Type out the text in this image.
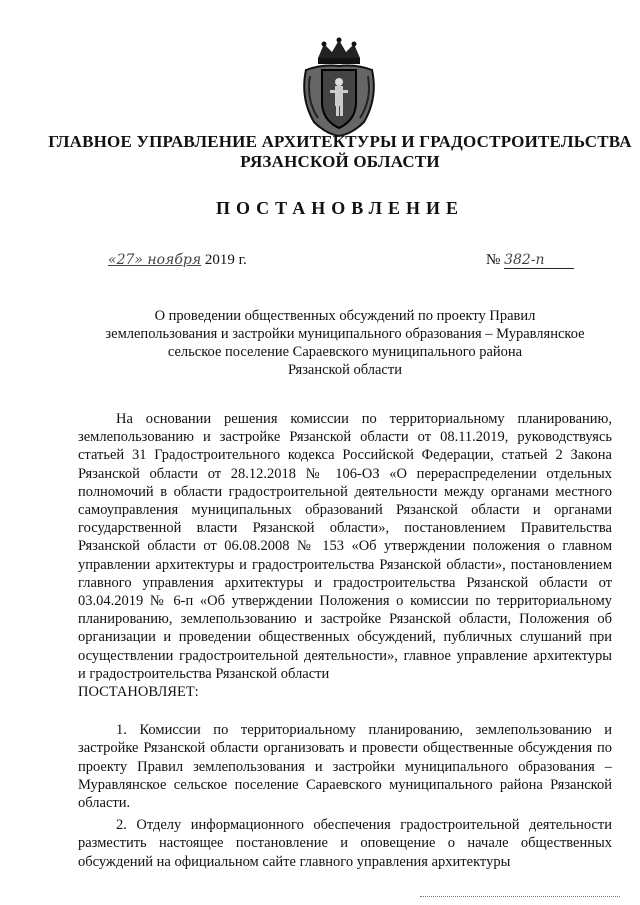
ГЛАВНОЕ УПРАВЛЕНИЕ АРХИТЕКТУРЫ И ГРАДОСТРОИТЕЛЬСТВА
РЯЗАНСКОЙ ОБЛАСТИ
ПОСТАНОВЛЕНИЕ
«27» ноября 2019 г.	№ 382-п
О проведении общественных обсуждений по проекту Правил
землепользования и застройки муниципального образования – Муравлянское
сельское поселение Сараевского муниципального района
Рязанской области

На основании решения комиссии по территориальному планированию, землепользованию и застройке Рязанской области от 08.11.2019, руководствуясь статьей 31 Градостроительного кодекса Российской Федерации, статьей 2 Закона Рязанской области от 28.12.2018 № 106-ОЗ «О перераспределении отдельных полномочий в области градостроительной деятельности между органами местного самоуправления муниципальных образований Рязанской области и органами государственной власти Рязанской области», постановлением Правительства Рязанской области от 06.08.2008 № 153 «Об утверждении положения о главном управлении архитектуры и градостроительства Рязанской области», постановлением главного управления архитектуры и градостроительства Рязанской области от 03.04.2019 № 6-п «Об утверждении Положения о комиссии по территориальному планированию, землепользованию и застройке Рязанской области, Положения об организации и проведении общественных обсуждений, публичных слушаний при осуществлении градостроительной деятельности», главное управление архитектуры и градостроительства Рязанской области
ПОСТАНОВЛЯЕТ:

1. Комиссии по территориальному планированию, землепользованию и застройке Рязанской области организовать и провести общественные обсуждения по проекту Правил землепользования и застройки муниципального образования – Муравлянское сельское поселение Сараевского муниципального района Рязанской области.

2. Отделу информационного обеспечения градостроительной деятельности разместить настоящее постановление и оповещение о начале общественных обсуждений на официальном сайте главного управления архитектуры
